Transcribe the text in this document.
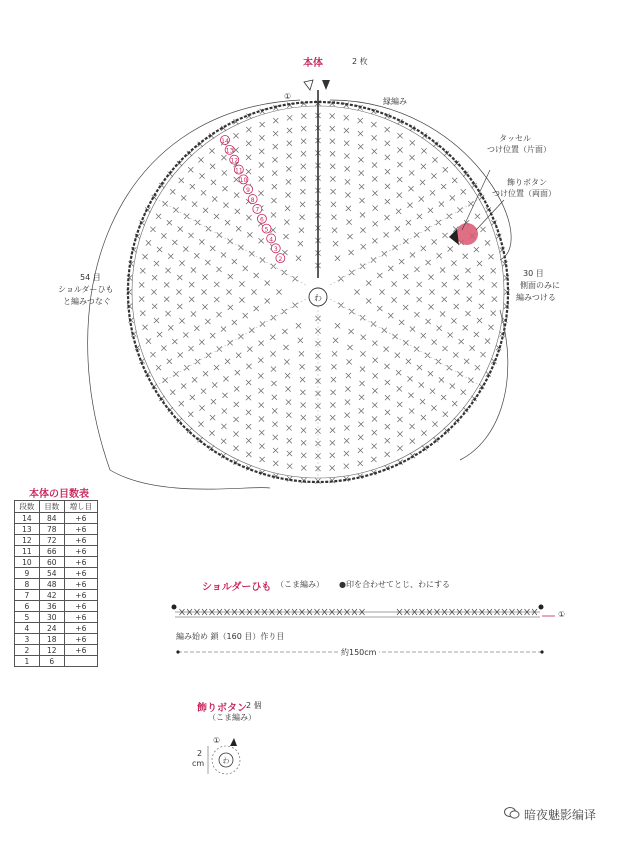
本体	2 枚
わ
2
3
4
5
6
7
8
9
10
11
12
13
14
わ
縁編み
①
タッセル
つけ位置（片面）
飾りボタン
つけ位置（両面）
54 目
ショルダーひも
と編みつなぐ
30 目
側面のみに
編みつける
本体の目数表
段数	目数	増し目
14	84	+6
13	78	+6
12	72	+6
11	66	+6
10	60	+6
9	54	+6
8	48	+6
7	42	+6
6	36	+6
5	30	+6
4	24	+6
3	18	+6
2	12	+6
1	6	
ショルダーひも （こま編み） ●印を合わせてとじ、わにする
編み始め 鎖（160 目）作り目
約150cm
①
飾りボタン 2 個
（こま編み）
2
cm
①
暗夜魅影编译
